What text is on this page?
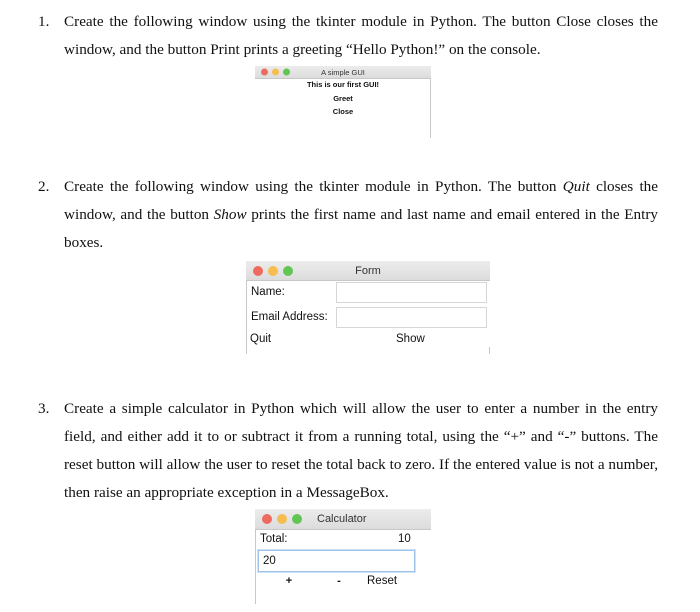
1. Create the following window using the tkinter module in Python. The button Close closes the window, and the button Print prints a greeting “Hello Python!” on the console.
A simple GUI
This is our first GUI!
Greet
Close
2. Create the following window using the tkinter module in Python. The button Quit closes the window, and the button Show prints the first name and last name and email entered in the Entry boxes.
Form
Name:
Email Address:
Quit	Show
3. Create a simple calculator in Python which will allow the user to enter a number in the entry field, and either add it to or subtract it from a running total, using the “+” and “-” buttons. The reset button will allow the user to reset the total back to zero. If the entered value is not a number, then raise an appropriate exception in a MessageBox.
Calculator
Total:	10
20
+	-	Reset
